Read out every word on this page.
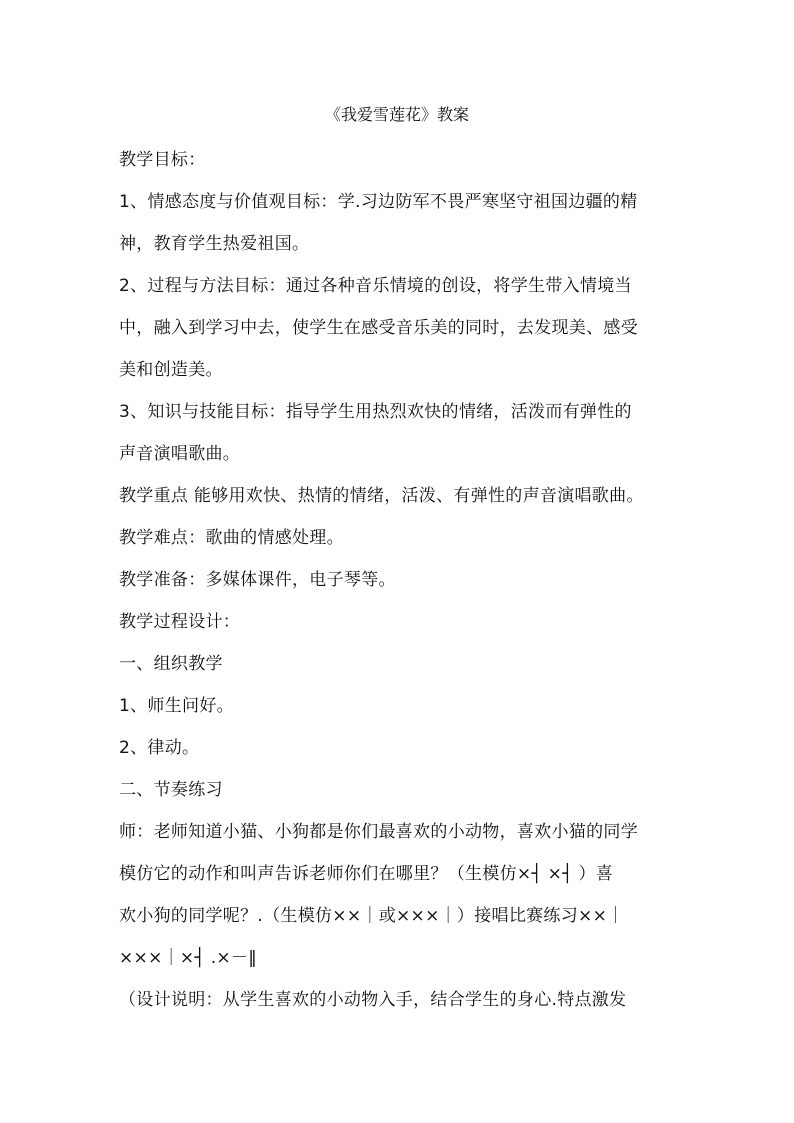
《我爱雪莲花》教案
教学目标：
1、情感态度与价值观目标：学.习边防军不畏严寒坚守祖国边疆的精
神，教育学生热爱祖国。
2、过程与方法目标：通过各种音乐情境的创设，将学生带入情境当
中，融入到学习中去，使学生在感受音乐美的同时，去发现美、感受
美和创造美。
3、知识与技能目标：指导学生用热烈欢快的情绪，活泼而有弹性的
声音演唱歌曲。
教学重点 能够用欢快、热情的情绪，活泼、有弹性的声音演唱歌曲。
教学难点：歌曲的情感处理。
教学准备：多媒体课件，电子琴等。
教学过程设计：
一、组织教学
1、师生问好。
2、律动。
二、节奏练习
师：老师知道小猫、小狗都是你们最喜欢的小动物，喜欢小猫的同学
模仿它的动作和叫声告诉老师你们在哪里？（生模仿×┤ ×┤ ）喜
欢小狗的同学呢？.（生模仿××｜或×××｜）接唱比赛练习××｜
×××｜×┤ .×－‖
（设计说明：从学生喜欢的小动物入手，结合学生的身心.特点激发
